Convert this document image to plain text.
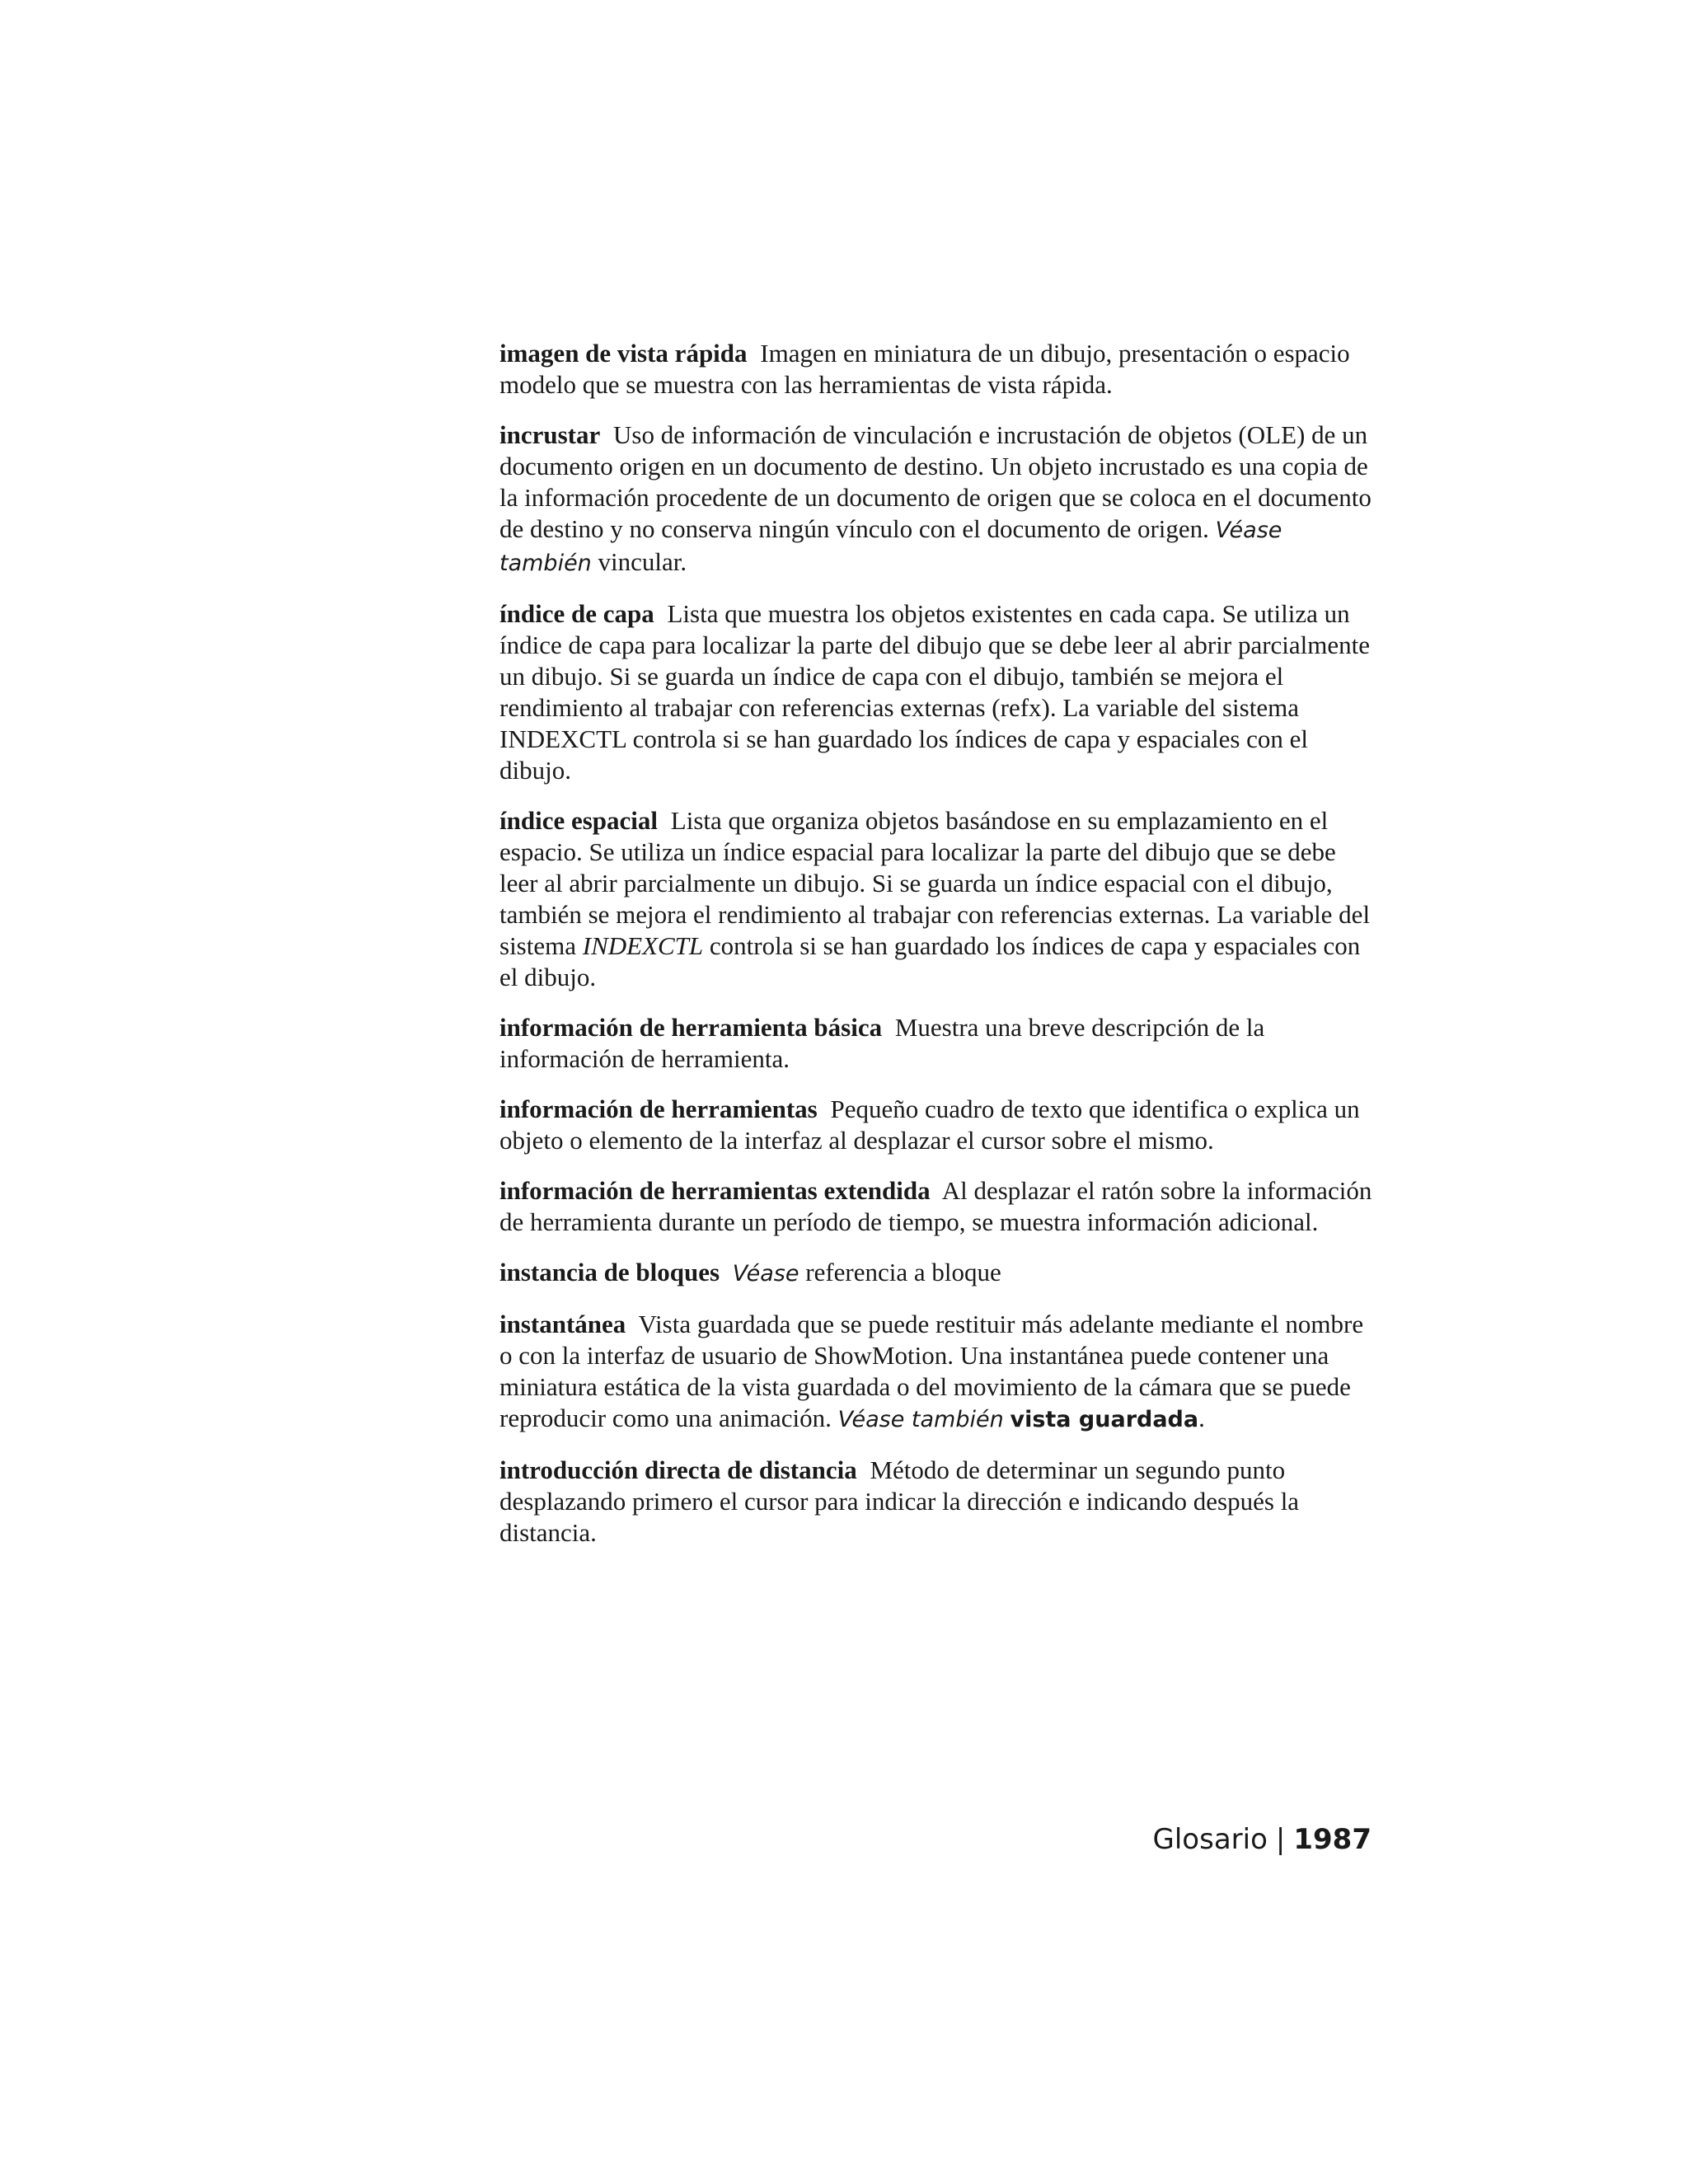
imagen de vista rápida Imagen en miniatura de un dibujo, presentación o espacio modelo que se muestra con las herramientas de vista rápida.

incrustar Uso de información de vinculación e incrustación de objetos (OLE) de un documento origen en un documento de destino. Un objeto incrustado es una copia de la información procedente de un documento de origen que se coloca en el documento de destino y no conserva ningún vínculo con el documento de origen. Véase también vincular.

índice de capa Lista que muestra los objetos existentes en cada capa. Se utiliza un índice de capa para localizar la parte del dibujo que se debe leer al abrir parcialmente un dibujo. Si se guarda un índice de capa con el dibujo, también se mejora el rendimiento al trabajar con referencias externas (refx). La variable del sistema INDEXCTL controla si se han guardado los índices de capa y espaciales con el dibujo.

índice espacial Lista que organiza objetos basándose en su emplazamiento en el espacio. Se utiliza un índice espacial para localizar la parte del dibujo que se debe leer al abrir parcialmente un dibujo. Si se guarda un índice espacial con el dibujo, también se mejora el rendimiento al trabajar con referencias externas. La variable del sistema INDEXCTL controla si se han guardado los índices de capa y espaciales con el dibujo.

información de herramienta básica Muestra una breve descripción de la información de herramienta.

información de herramientas Pequeño cuadro de texto que identifica o explica un objeto o elemento de la interfaz al desplazar el cursor sobre el mismo.

información de herramientas extendida Al desplazar el ratón sobre la información de herramienta durante un período de tiempo, se muestra información adicional.

instancia de bloques Véase referencia a bloque

instantánea Vista guardada que se puede restituir más adelante mediante el nombre o con la interfaz de usuario de ShowMotion. Una instantánea puede contener una miniatura estática de la vista guardada o del movimiento de la cámara que se puede reproducir como una animación. Véase también vista guardada.

introducción directa de distancia Método de determinar un segundo punto desplazando primero el cursor para indicar la dirección e indicando después la distancia.

Glosario | 1987
